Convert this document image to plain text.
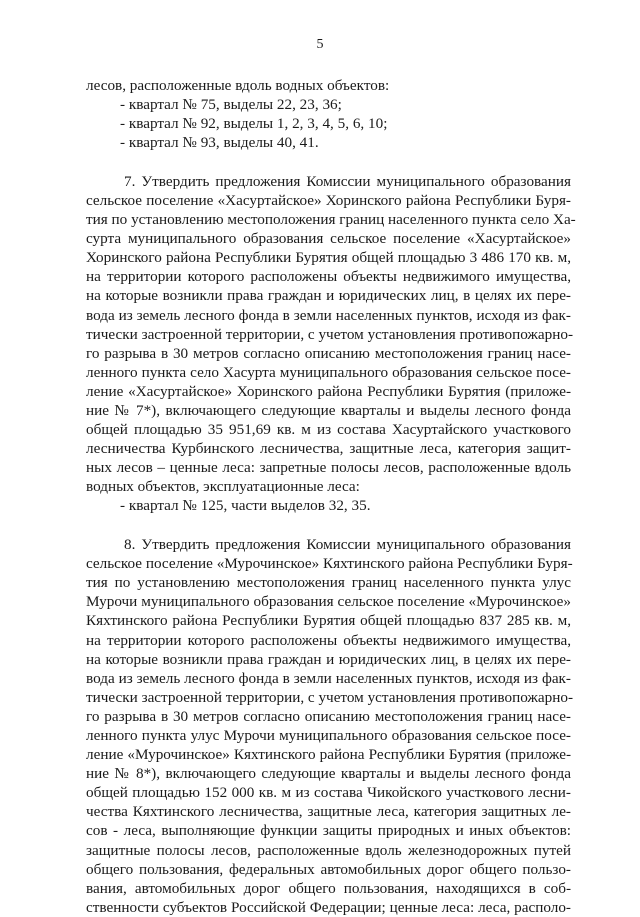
5
лесов, расположенные вдоль водных объектов:
- квартал № 75, выделы 22, 23, 36;
- квартал № 92, выделы 1, 2, 3, 4, 5, 6, 10;
- квартал № 93, выделы 40, 41.
7. Утвердить предложения Комиссии муниципального образования
сельское поселение «Хасуртайское» Хоринского района Республики Буря-
тия по установлению местоположения границ населенного пункта село Ха-
сурта муниципального образования сельское поселение «Хасуртайское»
Хоринского района Республики Бурятия общей площадью 3 486 170 кв. м,
на территории которого расположены объекты недвижимого имущества,
на которые возникли права граждан и юридических лиц, в целях их пере-
вода из земель лесного фонда в земли населенных пунктов, исходя из фак-
тически застроенной территории, с учетом установления противопожарно-
го разрыва в 30 метров согласно описанию местоположения границ насе-
ленного пункта село Хасурта муниципального образования сельское посе-
ление «Хасуртайское» Хоринского района Республики Бурятия (приложе-
ние № 7*), включающего следующие кварталы и выделы лесного фонда
общей площадью 35 951,69 кв. м из состава Хасуртайского участкового
лесничества Курбинского лесничества, защитные леса, категория защит-
ных лесов – ценные леса: запретные полосы лесов, расположенные вдоль
водных объектов, эксплуатационные леса:
- квартал № 125, части выделов 32, 35.
8. Утвердить предложения Комиссии муниципального образования
сельское поселение «Мурочинское» Кяхтинского района Республики Буря-
тия по установлению местоположения границ населенного пункта улус
Мурочи муниципального образования сельское поселение «Мурочинское»
Кяхтинского района Республики Бурятия общей площадью 837 285 кв. м,
на территории которого расположены объекты недвижимого имущества,
на которые возникли права граждан и юридических лиц, в целях их пере-
вода из земель лесного фонда в земли населенных пунктов, исходя из фак-
тически застроенной территории, с учетом установления противопожарно-
го разрыва в 30 метров согласно описанию местоположения границ насе-
ленного пункта улус Мурочи муниципального образования сельское посе-
ление «Мурочинское» Кяхтинского района Республики Бурятия (приложе-
ние № 8*), включающего следующие кварталы и выделы лесного фонда
общей площадью 152 000 кв. м из состава Чикойского участкового лесни-
чества Кяхтинского лесничества, защитные леса, категория защитных ле-
сов - леса, выполняющие функции защиты природных и иных объектов:
защитные полосы лесов, расположенные вдоль железнодорожных путей
общего пользования, федеральных автомобильных дорог общего пользо-
вания, автомобильных дорог общего пользования, находящихся в соб-
ственности субъектов Российской Федерации; ценные леса: леса, располо-
